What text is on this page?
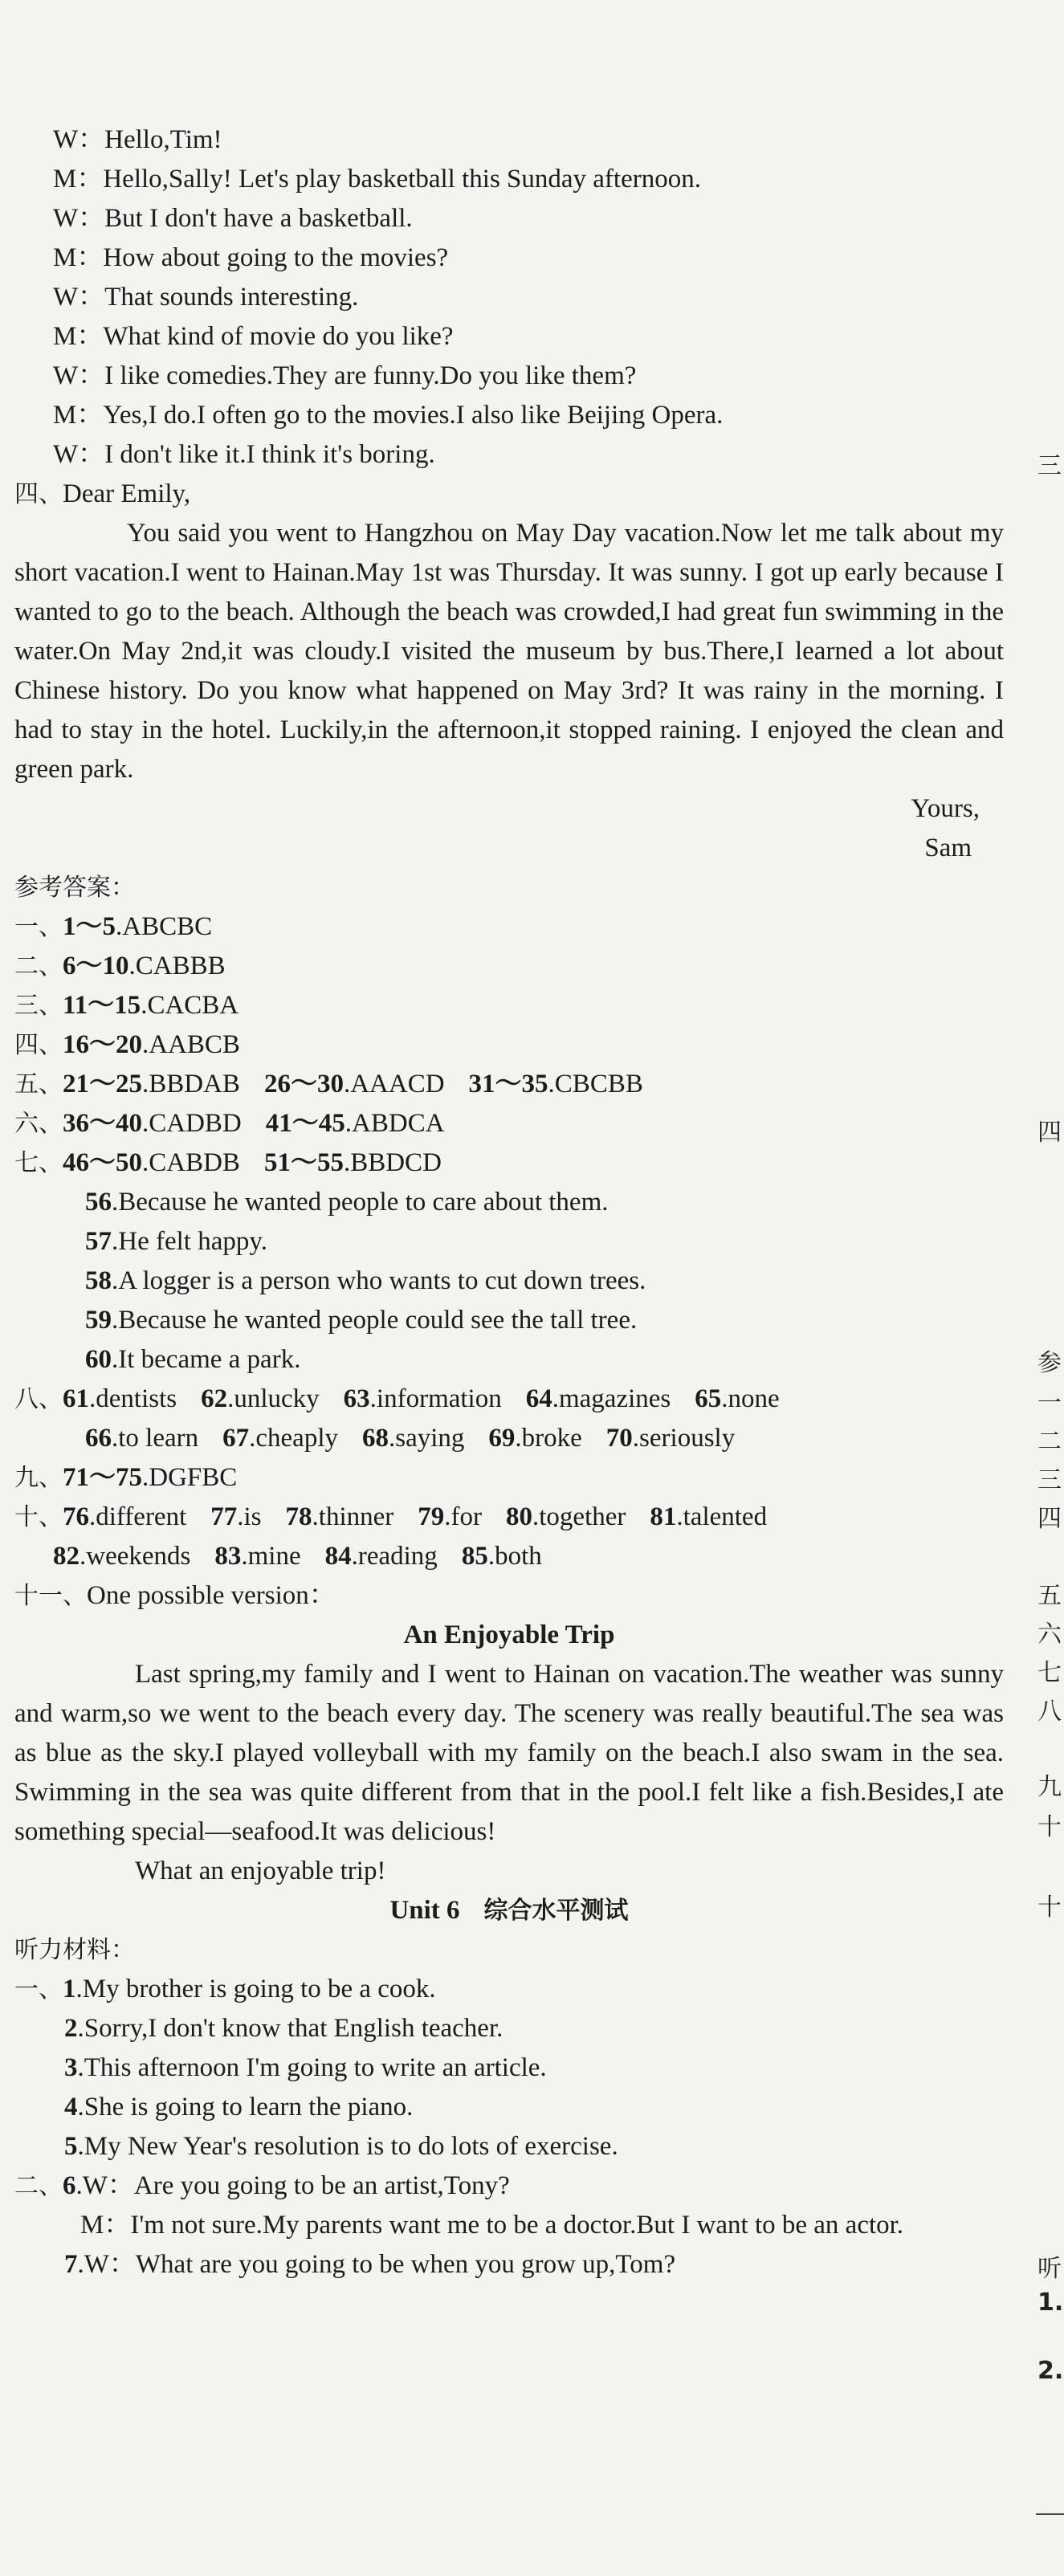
W：Hello,Tim!
M：Hello,Sally! Let's play basketball this Sunday afternoon.
W：But I don't have a basketball.
M：How about going to the movies?
W：That sounds interesting.
M：What kind of movie do you like?
W：I like comedies.They are funny.Do you like them?
M：Yes,I do.I often go to the movies.I also like Beijing Opera.
W：I don't like it.I think it's boring.
四、Dear Emily,
You said you went to Hangzhou on May Day vacation.Now let me talk about my short vacation.I went to Hainan.May 1st was Thursday. It was sunny. I got up early because I wanted to go to the beach. Although the beach was crowded,I had great fun swimming in the water.On May 2nd,it was cloudy.I visited the museum by bus.There,I learned a lot about Chinese history. Do you know what happened on May 3rd? It was rainy in the morning. I had to stay in the hotel. Luckily,in the afternoon,it stopped raining. I enjoyed the clean and green park.
Yours,
Sam
参考答案：
一、1～5.ABCBC
二、6～10.CABBB
三、11～15.CACBA
四、16～20.AABCB
五、21～25.BBDAB 26～30.AAACD 31～35.CBCBB
六、36～40.CADBD 41～45.ABDCA
七、46～50.CABDB 51～55.BBDCD
56.Because he wanted people to care about them.
57.He felt happy.
58.A logger is a person who wants to cut down trees.
59.Because he wanted people could see the tall tree.
60.It became a park.
八、61.dentists 62.unlucky 63.information 64.magazines 65.none
66.to learn 67.cheaply 68.saying 69.broke 70.seriously
九、71～75.DGFBC
十、76.different 77.is 78.thinner 79.for 80.together 81.talented
82.weekends 83.mine 84.reading 85.both
十一、One possible version：
An Enjoyable Trip
Last spring,my family and I went to Hainan on vacation.The weather was sunny and warm,so we went to the beach every day. The scenery was really beautiful.The sea was as blue as the sky.I played volleyball with my family on the beach.I also swam in the sea. Swimming in the sea was quite different from that in the pool.I felt like a fish.Besides,I ate something special—seafood.It was delicious!
What an enjoyable trip!
Unit 6 综合水平测试
听力材料：
一、1.My brother is going to be a cook.
2.Sorry,I don't know that English teacher.
3.This afternoon I'm going to write an article.
4.She is going to learn the piano.
5.My New Year's resolution is to do lots of exercise.
二、6.W：Are you going to be an artist,Tony?
M：I'm not sure.My parents want me to be a doctor.But I want to be an actor.
7.W：What are you going to be when you grow up,Tom?
三
四
参
一
二
三
四
五
六
七
八
九
十
十
听
1.
2.
